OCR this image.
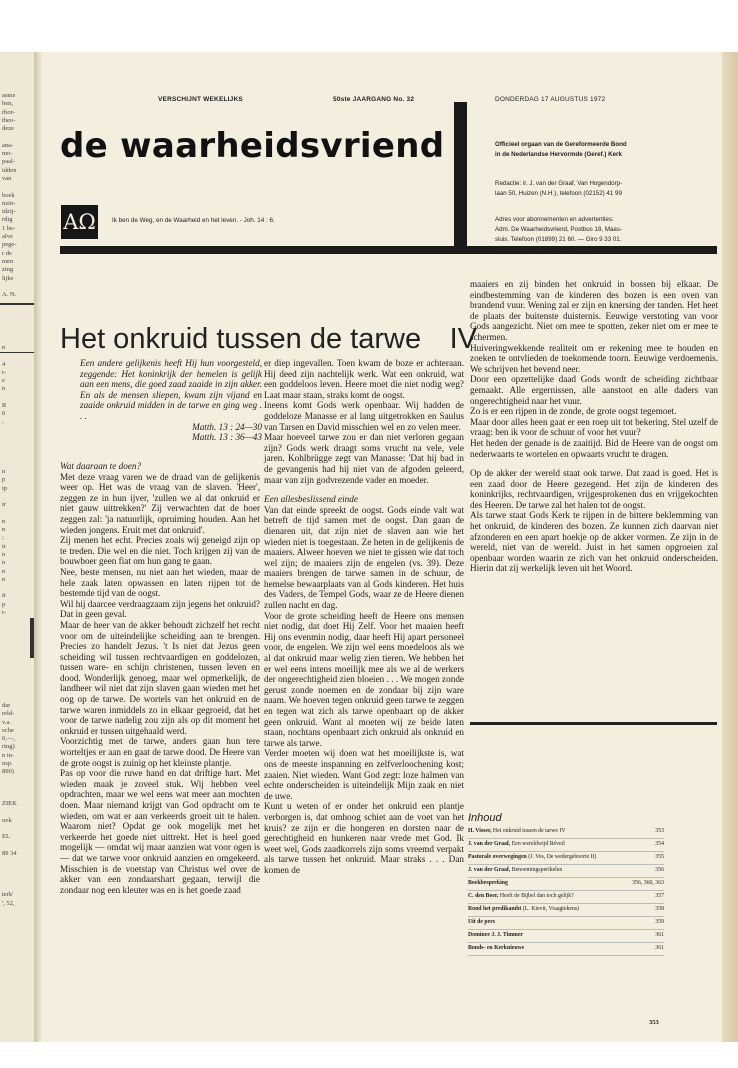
asme
ben,
rbor-
theo-
deze

ana-
mo-
paal-
idden
van

boek
nzin-
idzij-
rdig
1 be-
alve
pege-
r de
men
zing
lijke

A. N.
n

4
r-
e
n

R
0
:
n
p
ip

ir

n
n
;
ir
n
n
n
n

it
p
r-
dar
reld-
v.a.
eche
0,—,
ring)
n in-
nsp.
890)
ZIEK

ook

EL

89 34

terk'
', 52,
VERSCHIJNT WEKELIJKS	50ste JAARGANG No. 32	DONDERDAG 17 AUGUSTUS 1972
de waarheidsvriend
ΑΩ	Ik ben de Weg, en de Waarheid en het leven. - Joh. 14 : 6.
Officieel orgaan van de Gereformeerde Bond
in de Nederlandse Hervormde (Geref.) Kerk
Redactie: ir. J. van der Graaf, Van Hogendorp-
laan 50, Huizen (N.H.), telefoon (02152) 41 99
Adres voor abonnementen en advertenties:
Adm. De Waarheidsvriend, Postbus 18, Maas-
sluis. Telefoon (01899) 21 60. — Giro 9 33 01.
Abonnementsprijs: ƒ 8,— per halfjaar.
Het onkruid tussen de tarwe IV

Een andere gelijkenis heeft Hij hun voorgesteld, zeggende: Het koninkrijk der hemelen is gelijk aan een mens, die goed zaad zaaide in zijn akker. En als de mensen sliepen, kwam zijn vijand en zaaide onkruid midden in de tarwe en ging weg . . .

Matth. 13 : 24—30
Matth. 13 : 36—43

Wat daaraan te doen?

Met deze vraag varen we de draad van de gelijkenis weer op. Het was de vraag van de slaven. 'Heer', zeggen ze in hun ijver, 'zullen we al dat onkruid er niet gauw uittrekken?' Zij verwachten dat de boer zeggen zal: 'ja natuurlijk, opruiming houden. Aan het wieden jongens. Eruit met dat onkruid'.

Zij menen het echt. Precies zoals wij geneigd zijn op te treden. Die wel en die niet. Toch krijgen zij van de bouwboer geen fiat om hun gang te gaan.

Nee, beste mensen, nu niet aan het wieden, maar de hele zaak laten opwassen en laten rijpen tot de bestemde tijd van de oogst.

Wil hij daarcee verdraagzaam zijn jegens het onkruid? Dat in geen geval.

Maar de heer van de akker behoudt zichzelf het recht voor om de uiteindelijke scheiding aan te brengen. Precies zo handelt Jezus. 't Is niet dat Jezus geen scheiding wil tussen rechtvaardigen en goddelozen, tussen ware- en schijn christenen, tussen leven en dood. Wonderlijk genoeg, maar wel opmerkelijk, de landheer wil niet dat zijn slaven gaan wieden met het oog op de tarwe. De wortels van het onkruid en de tarwe waren inmiddels zo in elkaar gegroeid, dat het voor de tarwe nadelig zou zijn als op dit moment het onkruid er tussen uitgehaald werd.

Voorzichtig met de tarwe, anders gaan hun tere worteltjes er aan en gaat de tarwe dood. De Heere van de grote oogst is zuinig op het kleinste plantje.

Pas op voor die ruwe hand en dat driftige hart. Met wieden maak je zoveel stuk. Wij hebben veel opdrachten, maar we wel eens wat meer aan mochten doen. Maar niemand krijgt van God opdracht om te wieden, om wat er aan verkeerds groeit uit te halen. Waarom niet? Opdat ge ook mogelijk met het verkeerde het goede niet uittrekt. Het is heel goed mogelijk — omdat wij maar aanzien wat voor ogen is — dat we tarwe voor onkruid aanzien en omgekeerd. Misschien is de voetstap van Christus wel over de akker van een zondaarshart gegaan, terwijl die zondaar nog een kleuter was en is het goede zaad

er diep ingevallen. Toen kwam de boze er achteraan. Hij deed zijn nachtelijk werk. Wat een onkruid, wat een goddeloos leven. Heere moet die niet nodig weg? Laat maar staan, straks komt de oogst.

Ineens komt Gods werk openbaar. Wij hadden de goddeloze Manasse er al lang uitgetrokken en Saulus van Tarsen en David misschien wel en zo velen meer.

Maar hoeveel tarwe zou er dan niet verloren gegaan zijn? Gods werk draagt soms vrucht na vele, vele jaren. Kohlbrügge zegt van Manasse: 'Dat hij bad in de gevangenis had hij niet van de afgoden geleerd, maar van zijn godvrezende vader en moeder.

Een allesbeslissend einde

Van dat einde spreekt de oogst. Gods einde valt wat betreft de tijd samen met de oogst. Dan gaan de dienaren uit, dat zijn niet de slaven aan wie het wieden niet is toegestaan. Ze heten in de gelijkenis de maaiers. Alweer hoeven we niet te gissen wie dat toch wel zijn; de maaiers zijn de engelen (vs. 39). Deze maaiers brengen de tarwe samen in de schuur, de hemelse bewaarplaats van al Gods kinderen. Het huis des Vaders, de Tempel Gods, waar ze de Heere dienen zullen nacht en dag.

Voor de grote scheiding heeft de Heere ons mensen niet nodig, dat doet Hij Zelf. Voor het maaien heeft Hij ons evenmin nodig, daar heeft Hij apart personeel voor, de engelen. We zijn wel eens moedeloos als we al dat onkruid maar welig zien tieren. We hebben het er wel eens intens moeilijk mee als we al de werkers der ongerechtigheid zien bloeien . . . We mogen zonde gerust zonde noemen en de zondaar bij zijn ware naam. We hoeven tegen onkruid geen tarwe te zeggen en tegen wat zich als tarwe openbaart op de akker geen onkruid. Want al moeten wij ze beide laten staan, nochtans openbaart zich onkruid als onkruid en tarwe als tarwe.

Verder moeten wij doen wat het moeilijkste is, wat ons de meeste inspanning en zelfverloochening kost; zaaien. Niet wieden. Want God zegt: loze halmen van echte onderscheiden is uiteindelijk Mijn zaak en niet de uwe.

Kunt u weten of er onder het onkruid een plantje verborgen is, dat omhoog schiet aan de voet van het kruis? ze zijn er die hongeren en dorsten naar de gerechtigheid en hunkeren naar vrede met God. Ik weet wel, Gods zaadkorrels zijn soms vreemd verpakt als tarwe tussen het onkruid. Maar straks . . . Dan komen de

maaiers en zij binden het onkruid in bossen bij elkaar. De eindbestemming van de kinderen des bozen is een oven van brandend vuur. Wening zal er zijn en knersing der tanden. Het heet de plaats der buitenste duisternis. Eeuwige verstoting van voor Gods aangezicht. Niet om mee te spotten, zeker niet om er mee te schermen.

Huiveringwekkende realiteit om er rekening mee te houden en zoeken te ontvlieden de toekomende toorn. Eeuwige verdoemenis. We schrijven het bevend neer.

Door een opzettelijke daad Gods wordt de scheiding zichtbaar gemaakt. Alle ergernissen, alle aanstoot en alle daders van ongerechtigheid naar het vuur.

Zo is er een rijpen in de zonde, de grote oogst tegemoet.

Maar door alles heen gaat er een roep uit tot bekering. Stel uzelf de vraag: ben ik voor de schuur of voor het vuur?

Het heden der genade is de zaaitijd. Bid de Heere van de oogst om nederwaarts te wortelen en opwaarts vrucht te dragen.

Op de akker der wereld staat ook tarwe. Dat zaad is goed. Het is een zaad door de Heere gezegend. Het zijn de kinderen des koninkrijks, rechtvaardigen, vrijgesprokenen dus en vrijgekochten des Heeren. De tarwe zal het halen tot de oogst.

Als tarwe staat Gods Kerk te rijpen in de bittere beklemming van het onkruid, de kinderen des bozen. Ze kunnen zich daarvan niet afzonderen en een apart hoekje op de akker vormen. Ze zijn in de wereld, niet van de wereld. Juist in het samen opgroeien zal openbaar worden waarin ze zich van het onkruid onderscheiden. Hierin dat zij werkelijk leven uit het Woord.

Inhoud
H. Visser, Het onkruid tussen de tarwe IV	353
J. van der Graaf, Een wereldwijd Réveil	354
Pastorale overwegingen (J. Vos, De wedergeboorte II)	355
J. van der Graaf, Benoemingsperikelen	356
Boekbespreking	356, 360, 363
C. den Boer, Heeft de Bijbel dan toch gelijk?	357
Rond het predikambt (L. Kievit, Vraagtekens)	358
Uit de pers	359
Dominee J. J. Timmer	361
Bonds- en Kerknieuws	361
353
